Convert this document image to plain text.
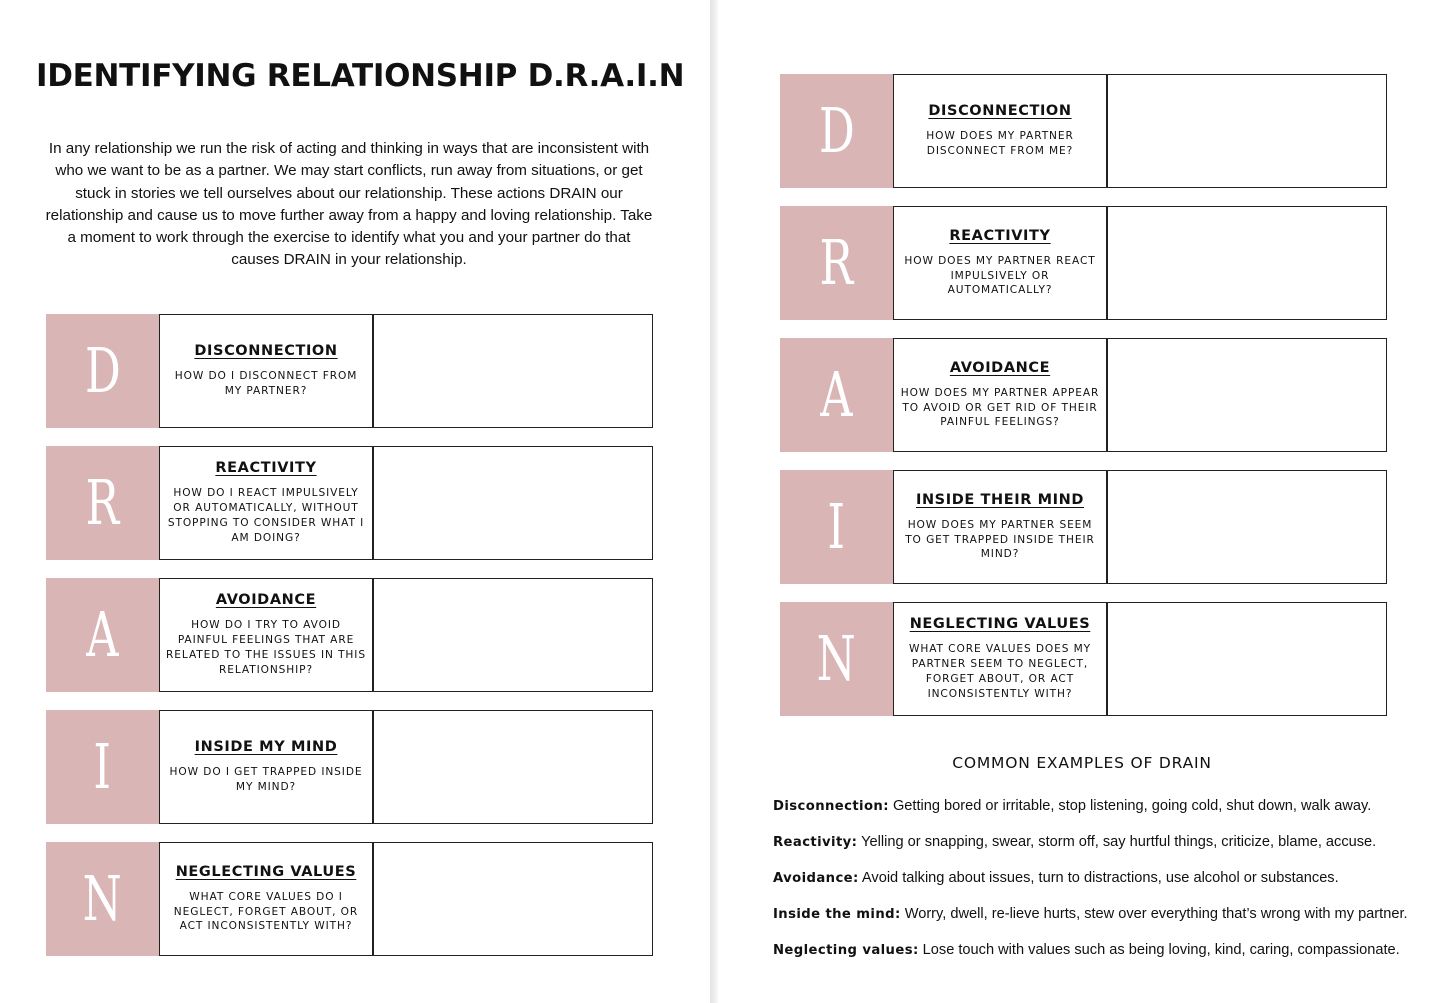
IDENTIFYING RELATIONSHIP D.R.A.I.N

In any relationship we run the risk of acting and thinking in ways that are inconsistent with who we want to be as a partner. We may start conflicts, run away from situations, or get stuck in stories we tell ourselves about our relationship. These actions DRAIN our relationship and cause us to move further away from a happy and loving relationship. Take a moment to work through the exercise to identify what you and your partner do that causes DRAIN in your relationship.

D	DISCONNECTION
HOW DO I DISCONNECT FROM MY PARTNER?
R	REACTIVITY
HOW DO I REACT IMPULSIVELY OR AUTOMATICALLY, WITHOUT STOPPING TO CONSIDER WHAT I AM DOING?
A	AVOIDANCE
HOW DO I TRY TO AVOID PAINFUL FEELINGS THAT ARE RELATED TO THE ISSUES IN THIS RELATIONSHIP?
I	INSIDE MY MIND
HOW DO I GET TRAPPED INSIDE MY MIND?
N	NEGLECTING VALUES
WHAT CORE VALUES DO I NEGLECT, FORGET ABOUT, OR ACT INCONSISTENTLY WITH?
D	DISCONNECTION
HOW DOES MY PARTNER DISCONNECT FROM ME?
R	REACTIVITY
HOW DOES MY PARTNER REACT IMPULSIVELY OR AUTOMATICALLY?
A	AVOIDANCE
HOW DOES MY PARTNER APPEAR TO AVOID OR GET RID OF THEIR PAINFUL FEELINGS?
I	INSIDE THEIR MIND
HOW DOES MY PARTNER SEEM TO GET TRAPPED INSIDE THEIR MIND?
N	NEGLECTING VALUES
WHAT CORE VALUES DOES MY PARTNER SEEM TO NEGLECT, FORGET ABOUT, OR ACT INCONSISTENTLY WITH?
COMMON EXAMPLES OF DRAIN
Disconnection: Getting bored or irritable, stop listening, going cold, shut down, walk away.
Reactivity: Yelling or snapping, swear, storm off, say hurtful things, criticize, blame, accuse.
Avoidance: Avoid talking about issues, turn to distractions, use alcohol or substances.
Inside the mind: Worry, dwell, re-lieve hurts, stew over everything that’s wrong with my partner.
Neglecting values: Lose touch with values such as being loving, kind, caring, compassionate.
